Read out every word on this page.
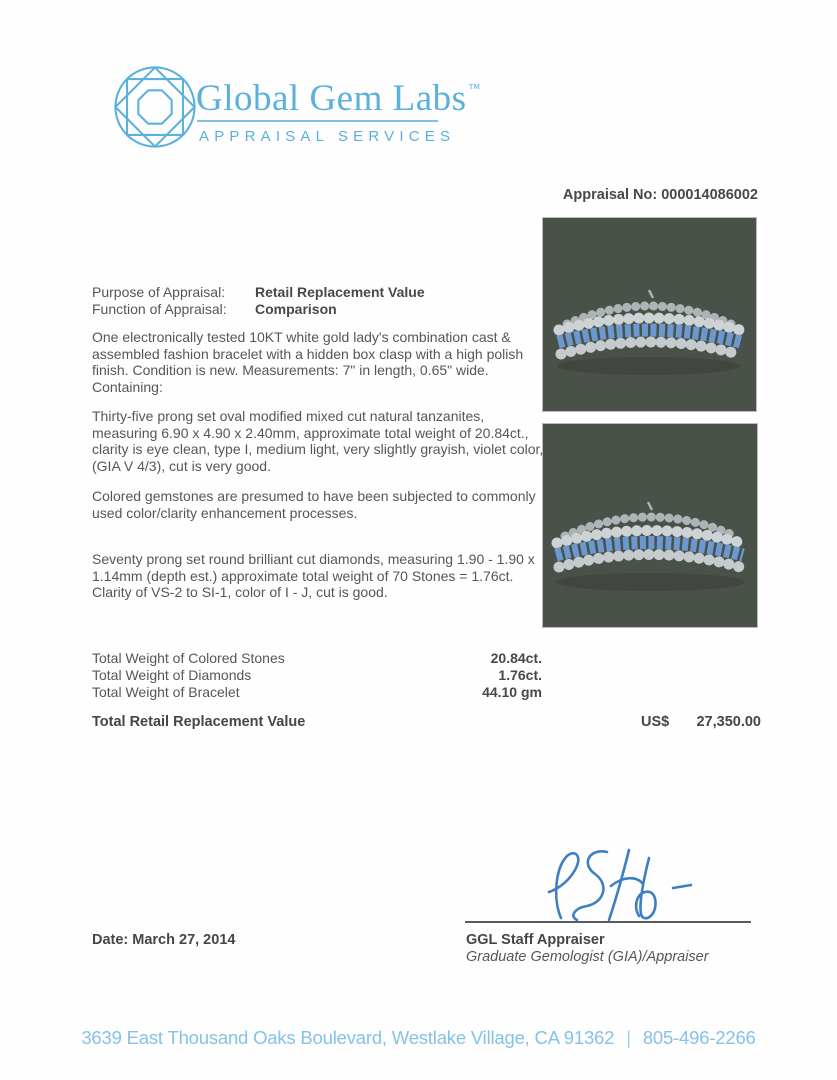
Global Gem Labs ™
APPRAISAL SERVICES
Appraisal No: 000014086002
Purpose of Appraisal:	Retail Replacement Value
Function of Appraisal:	Comparison
One electronically tested 10KT white gold lady's combination cast & assembled fashion bracelet with a hidden box clasp with a high polish finish. Condition is new. Measurements: 7" in length, 0.65" wide. Containing:
Thirty-five prong set oval modified mixed cut natural tanzanites, measuring 6.90 x 4.90 x 2.40mm, approximate total weight of 20.84ct., clarity is eye clean, type I, medium light, very slightly grayish, violet color, (GIA V 4/3), cut is very good.
Colored gemstones are presumed to have been subjected to commonly used color/clarity enhancement processes.
Seventy prong set round brilliant cut diamonds, measuring 1.90 - 1.90 x 1.14mm (depth est.) approximate total weight of 70 Stones = 1.76ct. Clarity of VS-2 to SI-1, color of I - J, cut is good.
Total Weight of Colored Stones	20.84ct.
Total Weight of Diamonds	1.76ct.
Total Weight of Bracelet	44.10 gm
Total Retail Replacement Value	US$ 27,350.00
GGL Staff Appraiser
Graduate Gemologist (GIA)/Appraiser
Date: March 27, 2014
3639 East Thousand Oaks Boulevard, Westlake Village, CA 91362 | 805-496-2266
